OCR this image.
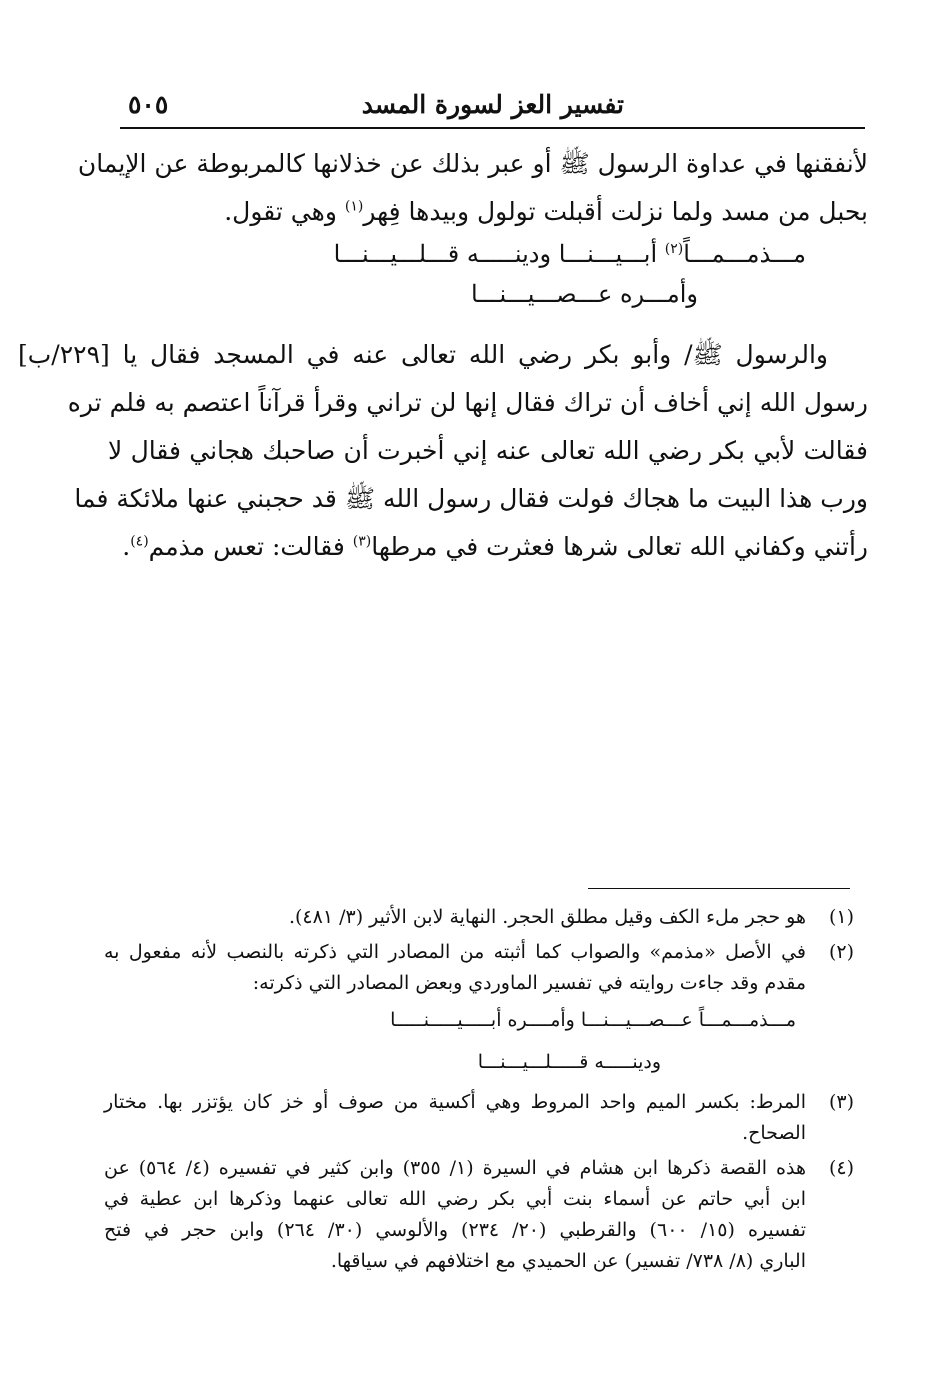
تفسير العز لسورة المسد
٥٠٥
لأنفقنها في عداوة الرسول ﷺ أو عبر بذلك عن خذلانها كالمربوطة عن الإيمان
بحبل من مسد ولما نزلت أقبلت تولول وبيدها فِهر$^{(١)}$ وهي تقول.
مـــذمـــمـــاً$^{(٢)}$ أبـــيـــنـــا ودينـــــه قـــلـــيـــنـــا
وأمـــره عـــصـــيـــنـــا
والرسول ﷺ/ وأبو بكر رضي الله تعالى عنه في المسجد فقال يا [٢٢٩/ب]
رسول الله إني أخاف أن تراك فقال إنها لن تراني وقرأ قرآناً اعتصم به فلم تره
فقالت لأبي بكر رضي الله تعالى عنه إني أخبرت أن صاحبك هجاني فقال لا
ورب هذا البيت ما هجاك فولت فقال رسول الله ﷺ قد حجبني عنها ملائكة فما
رأتني وكفاني الله تعالى شرها فعثرت في مرطها$^{(٣)}$ فقالت: تعس مذمم$^{(٤)}$.
(١)
هو حجر ملء الكف وقيل مطلق الحجر. النهاية لابن الأثير (٣/ ٤٨١).
(٢)
في الأصل «مذمم» والصواب كما أثبته من المصادر التي ذكرته بالنصب لأنه مفعول به
مقدم وقد جاءت روايته في تفسير الماوردي وبعض المصادر التي ذكرته:
مـــذمـــمـــاً عـــصـــيـــنـــا وأمــــره أبـــــيـــــنـــــا
ودينـــــه قـــــلـــيـــنـــا
(٣)
المرط: بكسر الميم واحد المروط وهي أكسية من صوف أو خز كان يؤتزر بها. مختار
الصحاح.
(٤)
هذه القصة ذكرها ابن هشام في السيرة (١/ ٣٥٥) وابن كثير في تفسيره (٤/ ٥٦٤) عن
ابن أبي حاتم عن أسماء بنت أبي بكر رضي الله تعالى عنهما وذكرها ابن عطية في
تفسيره (١٥/ ٦٠٠) والقرطبي (٢٠/ ٢٣٤) والألوسي (٣٠/ ٢٦٤) وابن حجر في فتح
الباري (٨/ ٧٣٨/ تفسير) عن الحميدي مع اختلافهم في سياقها.
